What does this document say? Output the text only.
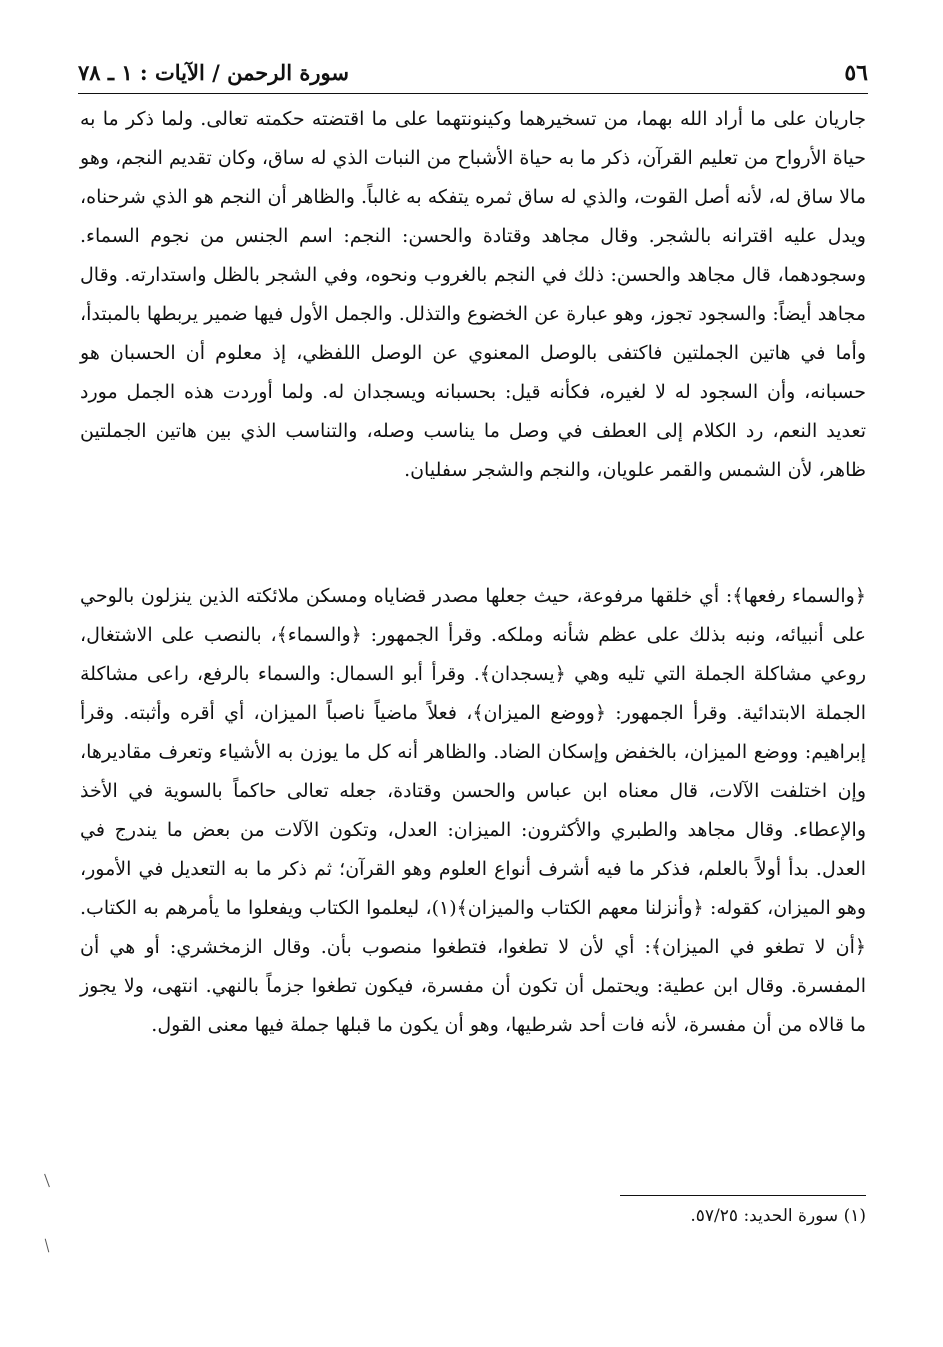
٥٦
سورة الرحمن / الآيات : ١ ـ ٧٨

جاريان على ما أراد الله بهما، من تسخيرهما وكينونتهما على ما اقتضته حكمته تعالى. ولما ذكر ما به حياة الأرواح من تعليم القرآن، ذكر ما به حياة الأشباح من النبات الذي له ساق، وكان تقديم النجم، وهو مالا ساق له، لأنه أصل القوت، والذي له ساق ثمره يتفكه به غالباً. والظاهر أن النجم هو الذي شرحناه، ويدل عليه اقترانه بالشجر. وقال مجاهد وقتادة والحسن: النجم: اسم الجنس من نجوم السماء. وسجودهما، قال مجاهد والحسن: ذلك في النجم بالغروب ونحوه، وفي الشجر بالظل واستدارته. وقال مجاهد أيضاً: والسجود تجوز، وهو عبارة عن الخضوع والتذلل. والجمل الأول فيها ضمير يربطها بالمبتدأ، وأما في هاتين الجملتين فاكتفى بالوصل المعنوي عن الوصل اللفظي، إذ معلوم أن الحسبان هو حسبانه، وأن السجود له لا لغيره، فكأنه قيل: بحسبانه ويسجدان له. ولما أوردت هذه الجمل مورد تعديد النعم، رد الكلام إلى العطف في وصل ما يناسب وصله، والتناسب الذي بين هاتين الجملتين ظاهر، لأن الشمس والقمر علويان، والنجم والشجر سفليان.

﴿والسماء رفعها﴾: أي خلقها مرفوعة، حيث جعلها مصدر قضاياه ومسكن ملائكته الذين ينزلون بالوحي على أنبيائه، ونبه بذلك على عظم شأنه وملكه. وقرأ الجمهور: ﴿والسماء﴾، بالنصب على الاشتغال، روعي مشاكلة الجملة التي تليه وهي ﴿يسجدان﴾. وقرأ أبو السمال: والسماء بالرفع، راعى مشاكلة الجملة الابتدائية. وقرأ الجمهور: ﴿ووضع الميزان﴾، فعلاً ماضياً ناصباً الميزان، أي أقره وأثبته. وقرأ إبراهيم: ووضع الميزان، بالخفض وإسكان الضاد. والظاهر أنه كل ما يوزن به الأشياء وتعرف مقاديرها، وإن اختلفت الآلات، قال معناه ابن عباس والحسن وقتادة، جعله تعالى حاكماً بالسوية في الأخذ والإعطاء. وقال مجاهد والطبري والأكثرون: الميزان: العدل، وتكون الآلات من بعض ما يندرج في العدل. بدأ أولاً بالعلم، فذكر ما فيه أشرف أنواع العلوم وهو القرآن؛ ثم ذكر ما به التعديل في الأمور، وهو الميزان، كقوله: ﴿وأنزلنا معهم الكتاب والميزان﴾(١)، ليعلموا الكتاب ويفعلوا ما يأمرهم به الكتاب. ﴿أن لا تطغو في الميزان﴾: أي لأن لا تطغوا، فتطغوا منصوب بأن. وقال الزمخشري: أو هي أن المفسرة. وقال ابن عطية: ويحتمل أن تكون أن مفسرة، فيكون تطغوا جزماً بالنهي. انتهى، ولا يجوز ما قالاه من أن مفسرة، لأنه فات أحد شرطيها، وهو أن يكون ما قبلها جملة فيها معنى القول.

(١) سورة الحديد: ٥٧/٢٥.
